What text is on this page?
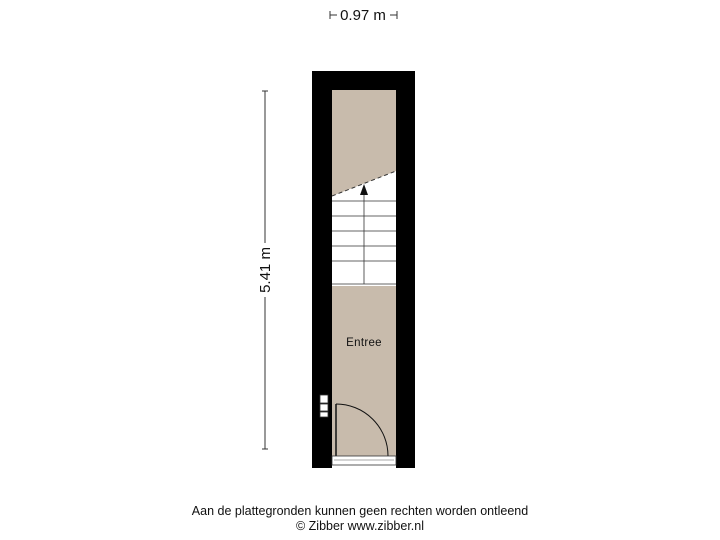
0.97 m
5.41 m
Entree
Aan de plattegronden kunnen geen rechten worden ontleend
© Zibber www.zibber.nl
